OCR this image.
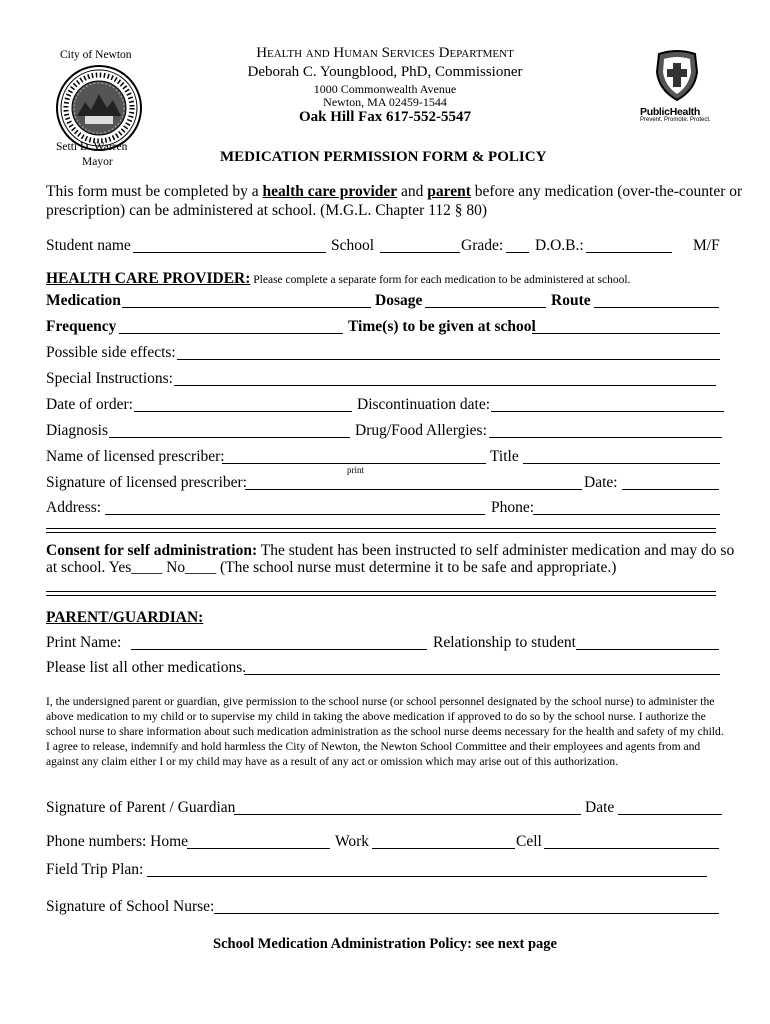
City of Newton
Setti D. Warren
Mayor
Health and Human Services Department
Deborah C. Youngblood, PhD, Commissioner
1000 Commonwealth Avenue
Newton, MA 02459-1544
Oak Hill Fax 617-552-5547	PublicHealth
Prevent. Promote. Protect.
MEDICATION PERMISSION FORM & POLICY
This form must be completed by a health care provider and parent before any medication (over-the-counter or
prescription) can be administered at school. (M.G.L. Chapter 112 § 80)
Student name	School	Grade: D.O.B.:	M/F
HEALTH CARE PROVIDER: Please complete a separate form for each medication to be administered at school.
Medication	Dosage	Route
Frequency	Time(s) to be given at school
Possible side effects:
Special Instructions:
Date of order:	Discontinuation date:
Diagnosis	Drug/Food Allergies:
Name of licensed prescriber:	Title
print
Signature of licensed prescriber:	Date:
Address:	Phone:
Consent for self administration: The student has been instructed to self administer medication and may do so
at school. Yes____ No____ (The school nurse must determine it to be safe and appropriate.)
PARENT/GUARDIAN:
Print Name:	Relationship to student
Please list all other medications.
I, the undersigned parent or guardian, give permission to the school nurse (or school personnel designated by the school nurse) to administer the above medication to my child or to supervise my child in taking the above medication if approved to do so by the school nurse. I authorize the school nurse to share information about such medication administration as the school nurse deems necessary for the health and safety of my child. I agree to release, indemnify and hold harmless the City of Newton, the Newton School Committee and their employees and agents from and against any claim either I or my child may have as a result of any act or omission which may arise out of this authorization.
Signature of Parent / Guardian	Date
Phone numbers: Home	Work	Cell
Field Trip Plan:
Signature of School Nurse:
School Medication Administration Policy: see next page
